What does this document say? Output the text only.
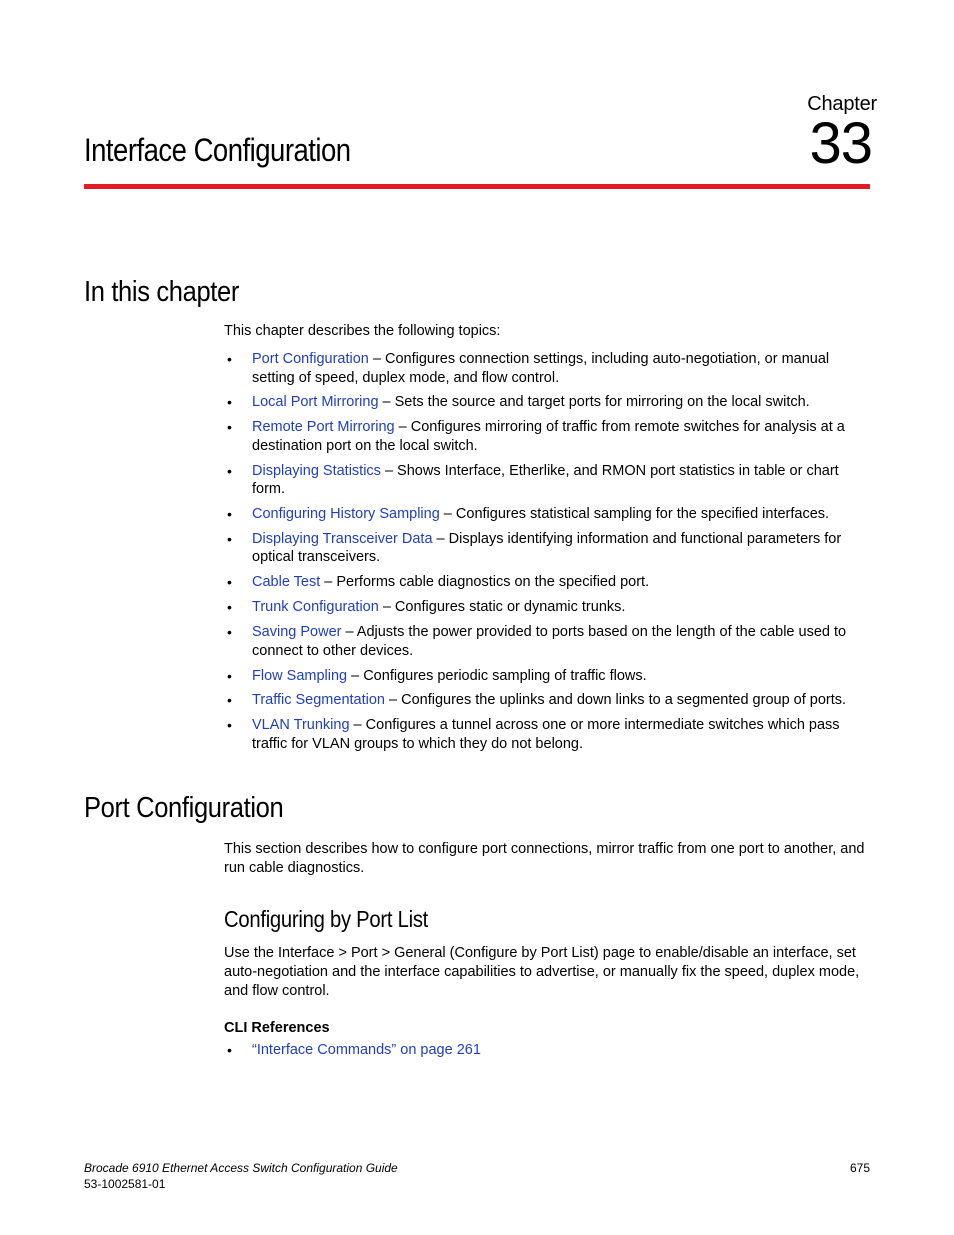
Chapter
33
Interface Configuration
In this chapter
This chapter describes the following topics:
• Port Configuration – Configures connection settings, including auto-negotiation, or manual setting of speed, duplex mode, and flow control.
• Local Port Mirroring – Sets the source and target ports for mirroring on the local switch.
• Remote Port Mirroring – Configures mirroring of traffic from remote switches for analysis at a destination port on the local switch.
• Displaying Statistics – Shows Interface, Etherlike, and RMON port statistics in table or chart form.
• Configuring History Sampling – Configures statistical sampling for the specified interfaces.
• Displaying Transceiver Data – Displays identifying information and functional parameters for optical transceivers.
• Cable Test – Performs cable diagnostics on the specified port.
• Trunk Configuration – Configures static or dynamic trunks.
• Saving Power – Adjusts the power provided to ports based on the length of the cable used to connect to other devices.
• Flow Sampling – Configures periodic sampling of traffic flows.
• Traffic Segmentation – Configures the uplinks and down links to a segmented group of ports.
• VLAN Trunking – Configures a tunnel across one or more intermediate switches which pass traffic for VLAN groups to which they do not belong.
Port Configuration
This section describes how to configure port connections, mirror traffic from one port to another, and run cable diagnostics.
Configuring by Port List
Use the Interface > Port > General (Configure by Port List) page to enable/disable an interface, set auto-negotiation and the interface capabilities to advertise, or manually fix the speed, duplex mode, and flow control.
CLI References
• “Interface Commands” on page 261
Brocade 6910 Ethernet Access Switch Configuration Guide
53-1002581-01
675
